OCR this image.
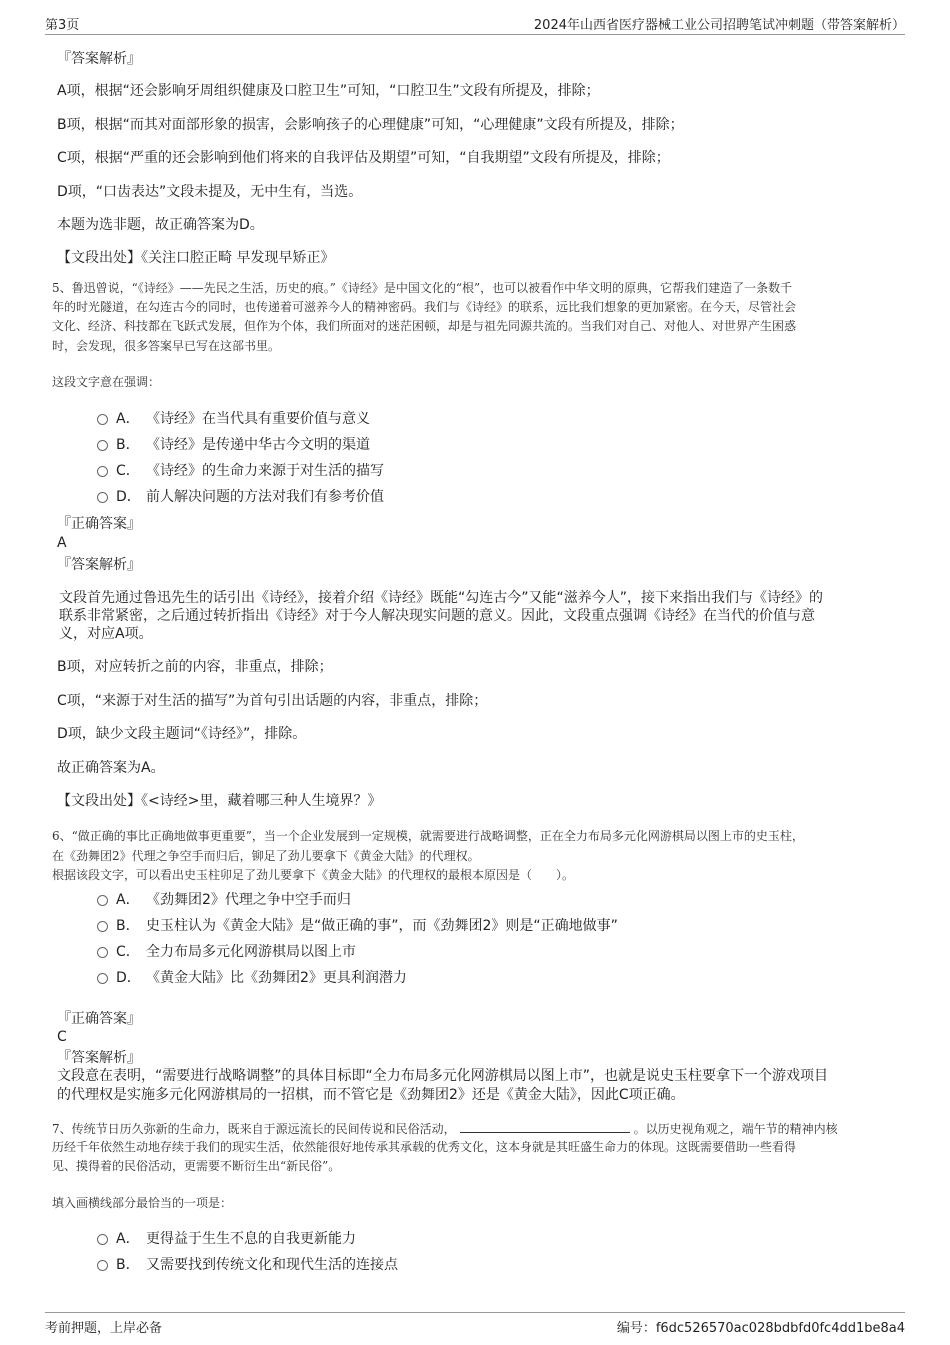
第3页	2024年山西省医疗器械工业公司招聘笔试冲刺题（带答案解析）
『答案解析』
A项，根据“还会影响牙周组织健康及口腔卫生”可知，“口腔卫生”文段有所提及，排除；
B项，根据“而其对面部形象的损害，会影响孩子的心理健康”可知，“心理健康”文段有所提及，排除；
C项，根据“严重的还会影响到他们将来的自我评估及期望”可知，“自我期望”文段有所提及，排除；
D项，“口齿表达”文段未提及，无中生有，当选。
本题为选非题，故正确答案为D。
【文段出处】《关注口腔正畸 早发现早矫正》
5、鲁迅曾说，“《诗经》——先民之生活，历史的痕。”《诗经》是中国文化的“根”，也可以被看作中华文明的原典，它帮我们建造了一条数千
年的时光隧道，在勾连古今的同时，也传递着可滋养今人的精神密码。我们与《诗经》的联系，远比我们想象的更加紧密。在今天，尽管社会
文化、经济、科技都在飞跃式发展，但作为个体，我们所面对的迷茫困顿，却是与祖先同源共流的。当我们对自己、对他人、对世界产生困惑
时，会发现，很多答案早已写在这部书里。
这段文字意在强调：
A． 《诗经》在当代具有重要价值与意义
B． 《诗经》是传递中华古今文明的渠道
C． 《诗经》的生命力来源于对生活的描写
D． 前人解决问题的方法对我们有参考价值
『正确答案』
A
『答案解析』
文段首先通过鲁迅先生的话引出《诗经》，接着介绍《诗经》既能“勾连古今”又能“滋养今人”，接下来指出我们与《诗经》的
联系非常紧密，之后通过转折指出《诗经》对于今人解决现实问题的意义。因此，文段重点强调《诗经》在当代的价值与意
义，对应A项。
B项，对应转折之前的内容，非重点，排除；
C项，“来源于对生活的描写”为首句引出话题的内容，非重点，排除；
D项，缺少文段主题词“《诗经》”，排除。
故正确答案为A。
【文段出处】《<诗经>里，藏着哪三种人生境界？》
6、“做正确的事比正确地做事更重要”，当一个企业发展到一定规模，就需要进行战略调整，正在全力布局多元化网游棋局以图上市的史玉柱，
在《劲舞团2》代理之争空手而归后，铆足了劲儿要拿下《黄金大陆》的代理权。
根据该段文字，可以看出史玉柱卯足了劲儿要拿下《黄金大陆》的代理权的最根本原因是（　　）。
A． 《劲舞团2》代理之争中空手而归
B． 史玉柱认为《黄金大陆》是“做正确的事”，而《劲舞团2》则是“正确地做事”
C． 全力布局多元化网游棋局以图上市
D． 《黄金大陆》比《劲舞团2》更具利润潜力
『正确答案』
C
『答案解析』
文段意在表明，“需要进行战略调整”的具体目标即“全力布局多元化网游棋局以图上市”，也就是说史玉柱要拿下一个游戏项目
的代理权是实施多元化网游棋局的一招棋，而不管它是《劲舞团2》还是《黄金大陆》，因此C项正确。
7、传统节日历久弥新的生命力，既来自于源远流长的民间传说和民俗活动，	。以历史视角观之，端午节的精神内核
历经千年依然生动地存续于我们的现实生活，依然能很好地传承其承载的优秀文化，这本身就是其旺盛生命力的体现。这既需要借助一些看得
见、摸得着的民俗活动，更需要不断衍生出“新民俗”。
填入画横线部分最恰当的一项是：
A． 更得益于生生不息的自我更新能力
B． 又需要找到传统文化和现代生活的连接点
考前押题，上岸必备	编号：f6dc526570ac028bdbfd0fc4dd1be8a4
